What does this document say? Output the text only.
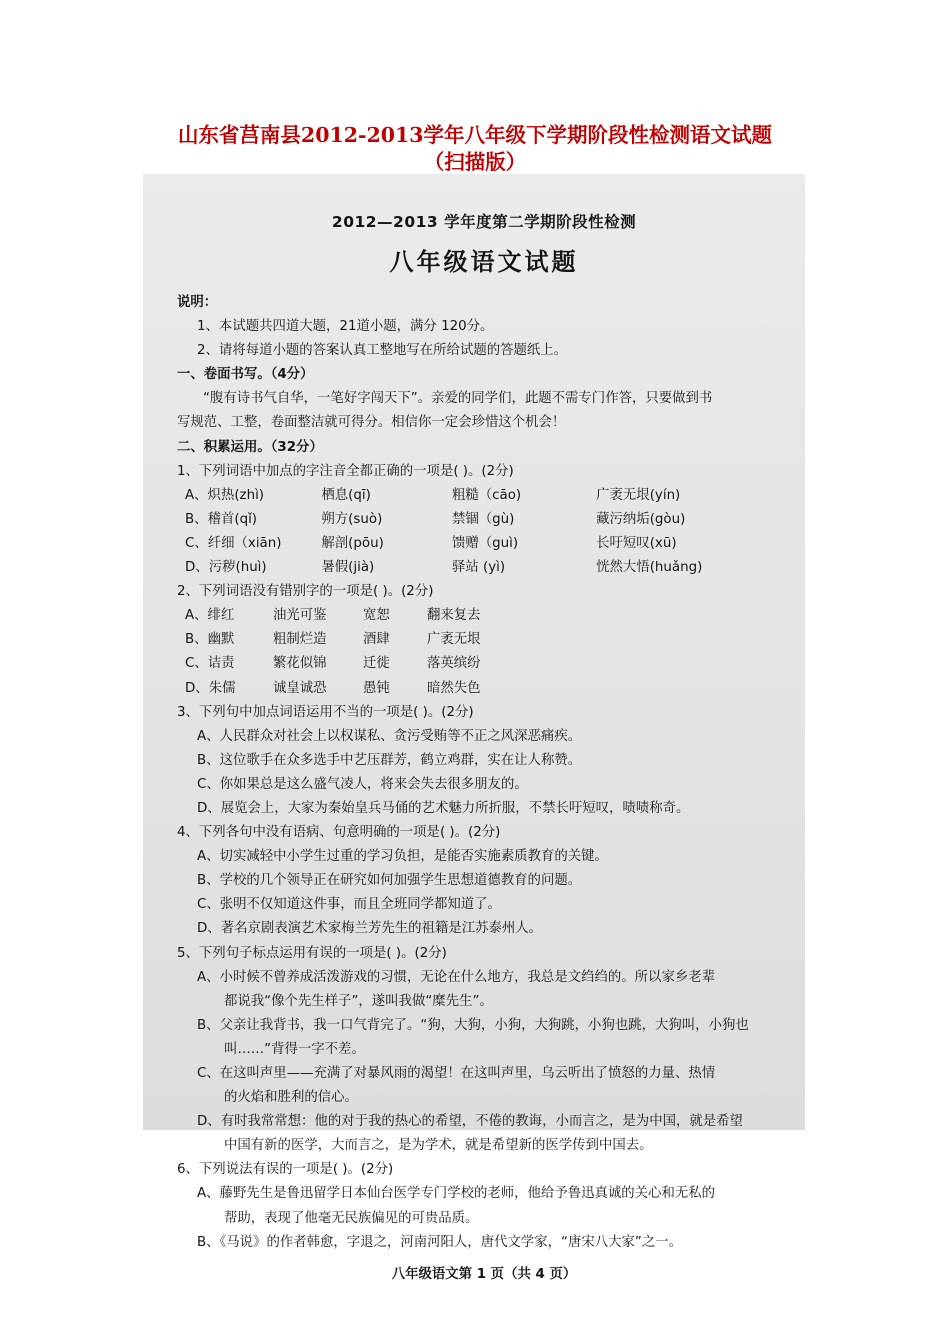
山东省莒南县2012-2013学年八年级下学期阶段性检测语文试题
（扫描版）
2012—2013 学年度第二学期阶段性检测
八年级语文试题
说明：
1、本试题共四道大题，21道小题，满分 120分。
2、请将每道小题的答案认真工整地写在所给试题的答题纸上。
一、卷面书写。（4分）
“腹有诗书气自华，一笔好字闯天下”。亲爱的同学们，此题不需专门作答，只要做到书
写规范、工整，卷面整洁就可得分。相信你一定会珍惜这个机会！
二、积累运用。（32分）
1、下列词语中加点的字注音全都正确的一项是( )。(2分)
A、炽热(zhì)	栖息(qī)	粗糙（cāo)	广袤无垠(yín)
B、稽首(qǐ)	朔方(suò)	禁锢（gù)	藏污纳垢(gòu)
C、纤细（xiān)	解剖(pōu)	馈赠（guì)	长吁短叹(xū)
D、污秽(huì)	暑假(jià)	驿站 (yì)	恍然大悟(huǎng)
2、下列词语没有错别字的一项是( )。(2分)
A、绯红	油光可鉴	宽恕	翻来复去
B、幽默	粗制烂造	酒肆	广袤无垠
C、诘责	繁花似锦	迁徙	落英缤纷
D、朱儒	诚皇诚恐	愚钝	暗然失色
3、下列句中加点词语运用不当的一项是( )。(2分)
A、人民群众对社会上以权谋私、贪污受贿等不正之风深恶痛疾。
B、这位歌手在众多选手中艺压群芳，鹤立鸡群，实在让人称赞。
C、你如果总是这么盛气凌人，将来会失去很多朋友的。
D、展览会上，大家为秦始皇兵马俑的艺术魅力所折服，不禁长吁短叹，啧啧称奇。
4、下列各句中没有语病、句意明确的一项是( )。(2分)
A、切实减轻中小学生过重的学习负担，是能否实施素质教育的关键。
B、学校的几个领导正在研究如何加强学生思想道德教育的问题。
C、张明不仅知道这件事，而且全班同学都知道了。
D、著名京剧表演艺术家梅兰芳先生的祖籍是江苏泰州人。
5、下列句子标点运用有误的一项是( )。(2分)
A、小时候不曾养成活泼游戏的习惯，无论在什么地方，我总是文绉绉的。所以家乡老辈
都说我“像个先生样子”，遂叫我做“糜先生”。
B、父亲让我背书，我一口气背完了。“狗，大狗，小狗，大狗跳，小狗也跳，大狗叫，小狗也
叫……”背得一字不差。
C、在这叫声里——充满了对暴风雨的渴望！在这叫声里，乌云听出了愤怒的力量、热情
的火焰和胜利的信心。
D、有时我常常想：他的对于我的热心的希望，不倦的教诲，小而言之，是为中国，就是希望
中国有新的医学，大而言之，是为学术，就是希望新的医学传到中国去。
6、下列说法有误的一项是( )。(2分)
A、藤野先生是鲁迅留学日本仙台医学专门学校的老师，他给予鲁迅真诚的关心和无私的
帮助，表现了他毫无民族偏见的可贵品质。
B、《马说》的作者韩愈，字退之，河南河阳人，唐代文学家，“唐宋八大家”之一。
八年级语文第 1 页（共 4 页）
